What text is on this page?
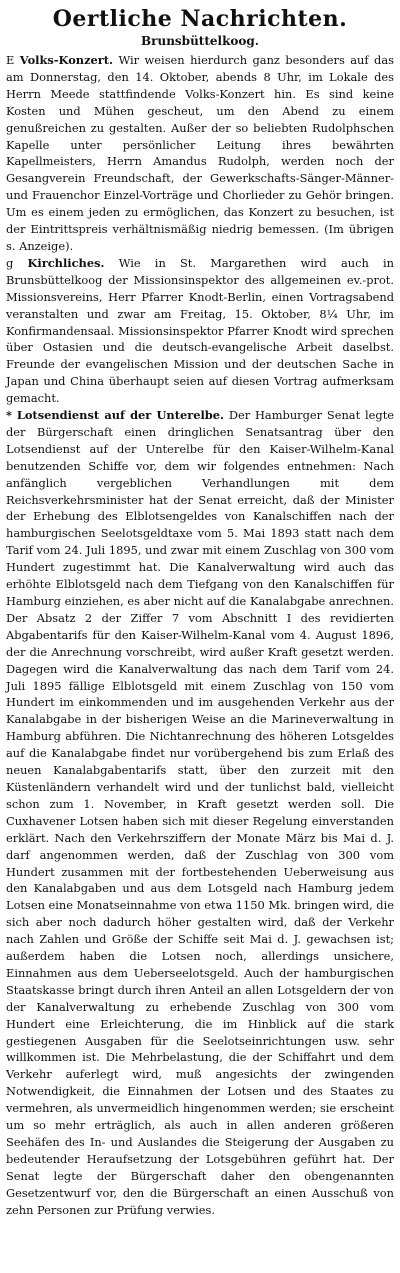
Oertliche Nachrichten.
Brunsbüttelkoog.

E Volks-Konzert. Wir weisen hierdurch ganz besonders auf das am Donnerstag, den 14. Oktober, abends 8 Uhr, im Lokale des Herrn Meede stattfindende Volks-Konzert hin. Es sind keine Kosten und Mühen gescheut, um den Abend zu einem genußreichen zu gestalten. Außer der so beliebten Rudolphschen Kapelle unter persönlicher Leitung ihres bewährten Kapellmeisters, Herrn Amandus Rudolph, werden noch der Gesangverein Freundschaft, der Gewerkschafts-Sänger-Männer- und Frauenchor Einzel-Vorträge und Chorlieder zu Gehör bringen. Um es einem jeden zu ermöglichen, das Konzert zu besuchen, ist der Eintrittspreis verhältnismäßig niedrig bemessen. (Im übrigen s. Anzeige).

g Kirchliches. Wie in St. Margarethen wird auch in Brunsbüttelkoog der Missionsinspektor des allgemeinen ev.-prot. Missionsvereins, Herr Pfarrer Knodt-Berlin, einen Vortragsabend veranstalten und zwar am Freitag, 15. Oktober, 8¼ Uhr, im Konfirmandensaal. Missionsinspektor Pfarrer Knodt wird sprechen über Ostasien und die deutsch-evangelische Arbeit daselbst. Freunde der evangelischen Mission und der deutschen Sache in Japan und China überhaupt seien auf diesen Vortrag aufmerksam gemacht.

* Lotsendienst auf der Unterelbe. Der Hamburger Senat legte der Bürgerschaft einen dringlichen Senatsantrag über den Lotsendienst auf der Unterelbe für den Kaiser-Wilhelm-Kanal benutzenden Schiffe vor, dem wir folgendes entnehmen: Nach anfänglich vergeblichen Verhandlungen mit dem Reichsverkehrsminister hat der Senat erreicht, daß der Minister der Erhebung des Elblotsengeldes von Kanalschiffen nach der hamburgischen Seelotsgeldtaxe vom 5. Mai 1893 statt nach dem Tarif vom 24. Juli 1895, und zwar mit einem Zuschlag von 300 vom Hundert zugestimmt hat. Die Kanalverwaltung wird auch das erhöhte Elblotsgeld nach dem Tiefgang von den Kanalschiffen für Hamburg einziehen, es aber nicht auf die Kanalabgabe anrechnen. Der Absatz 2 der Ziffer 7 vom Abschnitt I des revidierten Abgabentarifs für den Kaiser-Wilhelm-Kanal vom 4. August 1896, der die Anrechnung vorschreibt, wird außer Kraft gesetzt werden. Dagegen wird die Kanalverwaltung das nach dem Tarif vom 24. Juli 1895 fällige Elblotsgeld mit einem Zuschlag von 150 vom Hundert im einkommenden und im ausgehenden Verkehr aus der Kanalabgabe in der bisherigen Weise an die Marineverwaltung in Hamburg abführen. Die Nichtanrechnung des höheren Lotsgeldes auf die Kanalabgabe findet nur vorübergehend bis zum Erlaß des neuen Kanalabgabentarifs statt, über den zurzeit mit den Küstenländern verhandelt wird und der tunlichst bald, vielleicht schon zum 1. November, in Kraft gesetzt werden soll. Die Cuxhavener Lotsen haben sich mit dieser Regelung einverstanden erklärt. Nach den Verkehrsziffern der Monate März bis Mai d. J. darf angenommen werden, daß der Zuschlag von 300 vom Hundert zusammen mit der fortbestehenden Ueberweisung aus den Kanalabgaben und aus dem Lotsgeld nach Hamburg jedem Lotsen eine Monatseinnahme von etwa 1150 Mk. bringen wird, die sich aber noch dadurch höher gestalten wird, daß der Verkehr nach Zahlen und Größe der Schiffe seit Mai d. J. gewachsen ist; außerdem haben die Lotsen noch, allerdings unsichere, Einnahmen aus dem Ueberseelotsgeld. Auch der hamburgischen Staatskasse bringt durch ihren Anteil an allen Lotsgeldern der von der Kanalverwaltung zu erhebende Zuschlag von 300 vom Hundert eine Erleichterung, die im Hinblick auf die stark gestiegenen Ausgaben für die Seelotseinrichtungen usw. sehr willkommen ist. Die Mehrbelastung, die der Schiffahrt und dem Verkehr auferlegt wird, muß angesichts der zwingenden Notwendigkeit, die Einnahmen der Lotsen und des Staates zu vermehren, als unvermeidlich hingenommen werden; sie erscheint um so mehr erträglich, als auch in allen anderen größeren Seehäfen des In- und Auslandes die Steigerung der Ausgaben zu bedeutender Heraufsetzung der Lotsgebühren geführt hat. Der Senat legte der Bürgerschaft daher den obengenannten Gesetzentwurf vor, den die Bürgerschaft an einen Ausschuß von zehn Personen zur Prüfung verwies.
